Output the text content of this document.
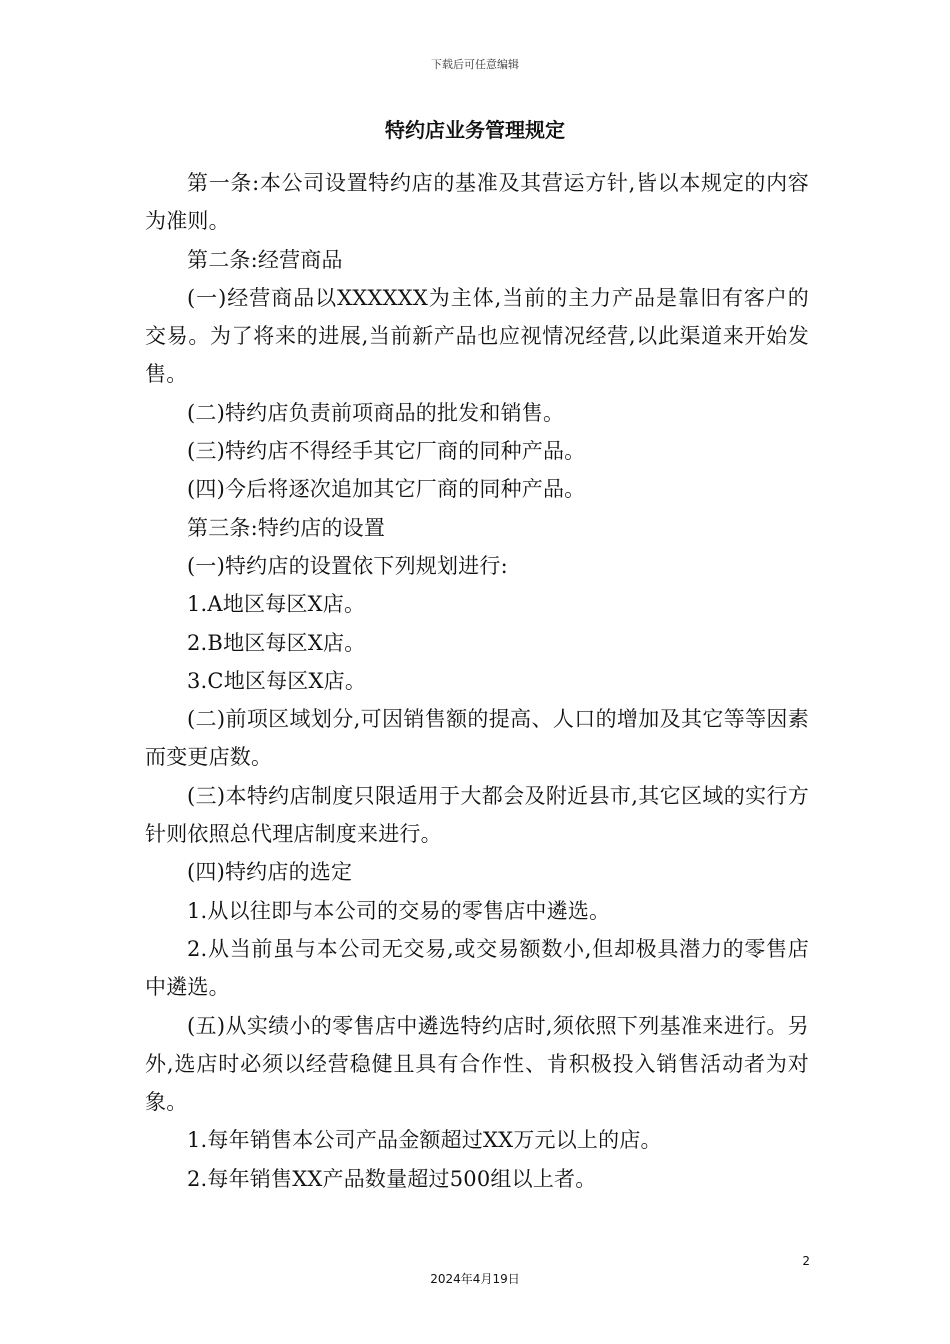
下载后可任意编辑
特约店业务管理规定

第一条:本公司设置特约店的基准及其营运方针,皆以本规定的内容为准则。

第二条:经营商品

(一)经营商品以XXXXXX为主体,当前的主力产品是靠旧有客户的交易。为了将来的进展,当前新产品也应视情况经营,以此渠道来开始发售。

(二)特约店负责前项商品的批发和销售。

(三)特约店不得经手其它厂商的同种产品。

(四)今后将逐次追加其它厂商的同种产品。

第三条:特约店的设置

(一)特约店的设置依下列规划进行:

1.A地区每区X店。

2.B地区每区X店。

3.C地区每区X店。

(二)前项区域划分,可因销售额的提高、人口的增加及其它等等因素而变更店数。

(三)本特约店制度只限适用于大都会及附近县市,其它区域的实行方针则依照总代理店制度来进行。

(四)特约店的选定

1.从以往即与本公司的交易的零售店中遴选。

2.从当前虽与本公司无交易,或交易额数小,但却极具潜力的零售店中遴选。

(五)从实绩小的零售店中遴选特约店时,须依照下列基准来进行。另外,选店时必须以经营稳健且具有合作性、肯积极投入销售活动者为对象。

1.每年销售本公司产品金额超过XX万元以上的店。

2.每年销售XX产品数量超过500组以上者。

2
2024年4月19日
